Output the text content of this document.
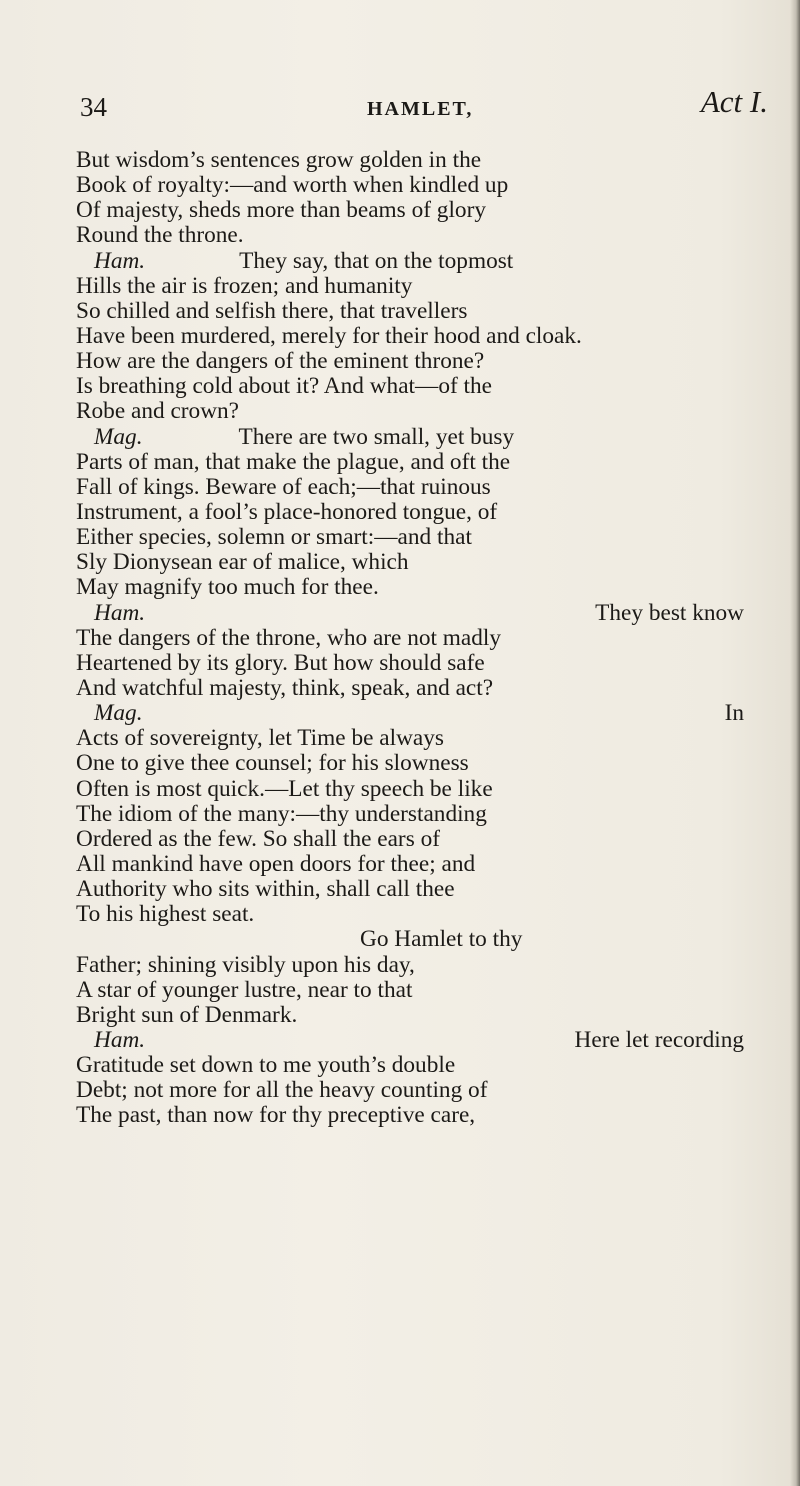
34	HAMLET,	Act I.
But wisdom’s sentences grow golden in the
Book of royalty:—and worth when kindled up
Of majesty, sheds more than beams of glory
Round the throne.
Ham.	They say, that on the topmost
Hills the air is frozen; and humanity
So chilled and selfish there, that travellers
Have been murdered, merely for their hood and cloak.
How are the dangers of the eminent throne?
Is breathing cold about it? And what—of the
Robe and crown?
Mag.	There are two small, yet busy
Parts of man, that make the plague, and oft the
Fall of kings. Beware of each;—that ruinous
Instrument, a fool’s place-honored tongue, of
Either species, solemn or smart:—and that
Sly Dionysean ear of malice, which
May magnify too much for thee.
Ham.	They best know
The dangers of the throne, who are not madly
Heartened by its glory. But how should safe
And watchful majesty, think, speak, and act?
Mag.	In
Acts of sovereignty, let Time be always
One to give thee counsel; for his slowness
Often is most quick.—Let thy speech be like
The idiom of the many:—thy understanding
Ordered as the few. So shall the ears of
All mankind have open doors for thee; and
Authority who sits within, shall call thee
To his highest seat.
Go Hamlet to thy
Father; shining visibly upon his day,
A star of younger lustre, near to that
Bright sun of Denmark.
Ham.	Here let recording
Gratitude set down to me youth’s double
Debt; not more for all the heavy counting of
The past, than now for thy preceptive care,
